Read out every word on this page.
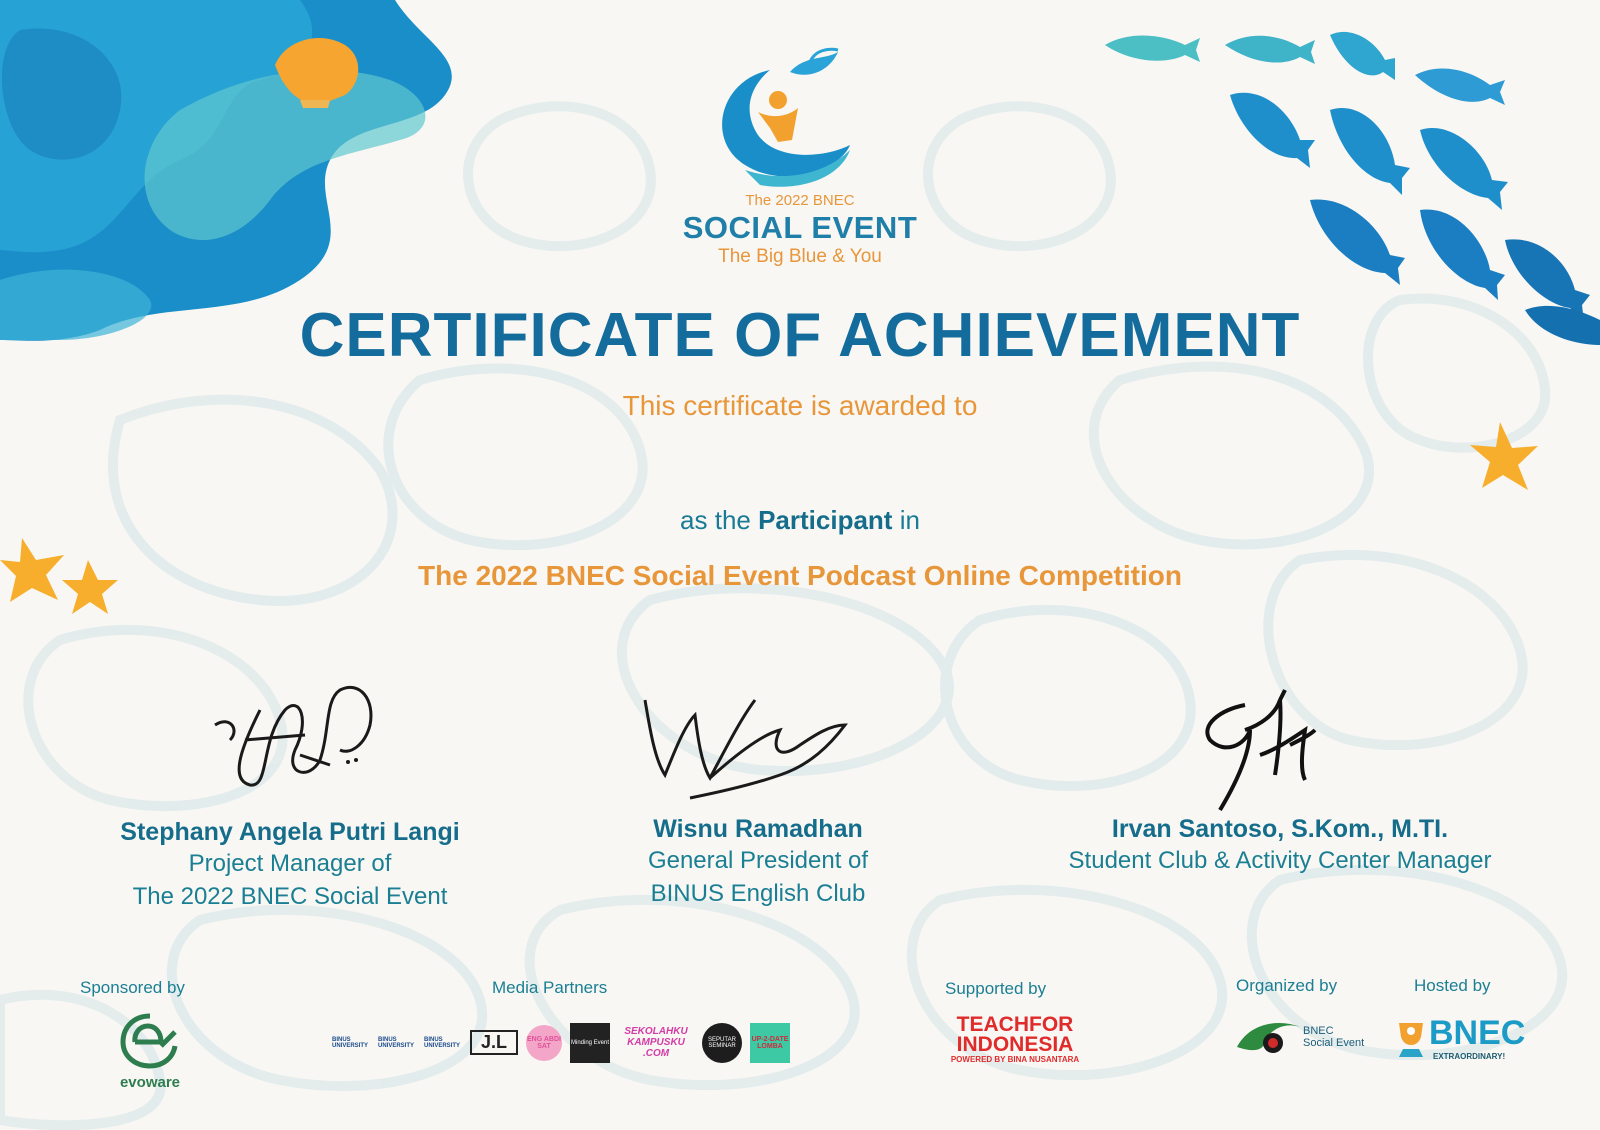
The 2022 BNEC
SOCIAL EVENT
The Big Blue & You
CERTIFICATE OF ACHIEVEMENT
This certificate is awarded to
as the Participant in
The 2022 BNEC Social Event Podcast Online Competition
Stephany Angela Putri Langi
Project Manager of
The 2022 BNEC Social Event
Wisnu Ramadhan
General President of
BINUS English Club
Irvan Santoso, S.Kom., M.TI.
Student Club & Activity Center Manager
Sponsored by
evoware
Media Partners
BINUS UNIVERSITY
BINUS UNIVERSITY
BINUS UNIVERSITY	J.L	ENG ABDI SAT	Minding Event
SEKOLAHKU KAMPUSKU .COM
SEPUTAR SEMINAR
UP-2-DATE LOMBA
Supported by
TEACHFOR
INDONESIA
POWERED BY BINA NUSANTARA
Organized by
BNEC
Social Event
Hosted by
BNEC
EXTRAORDINARY!
